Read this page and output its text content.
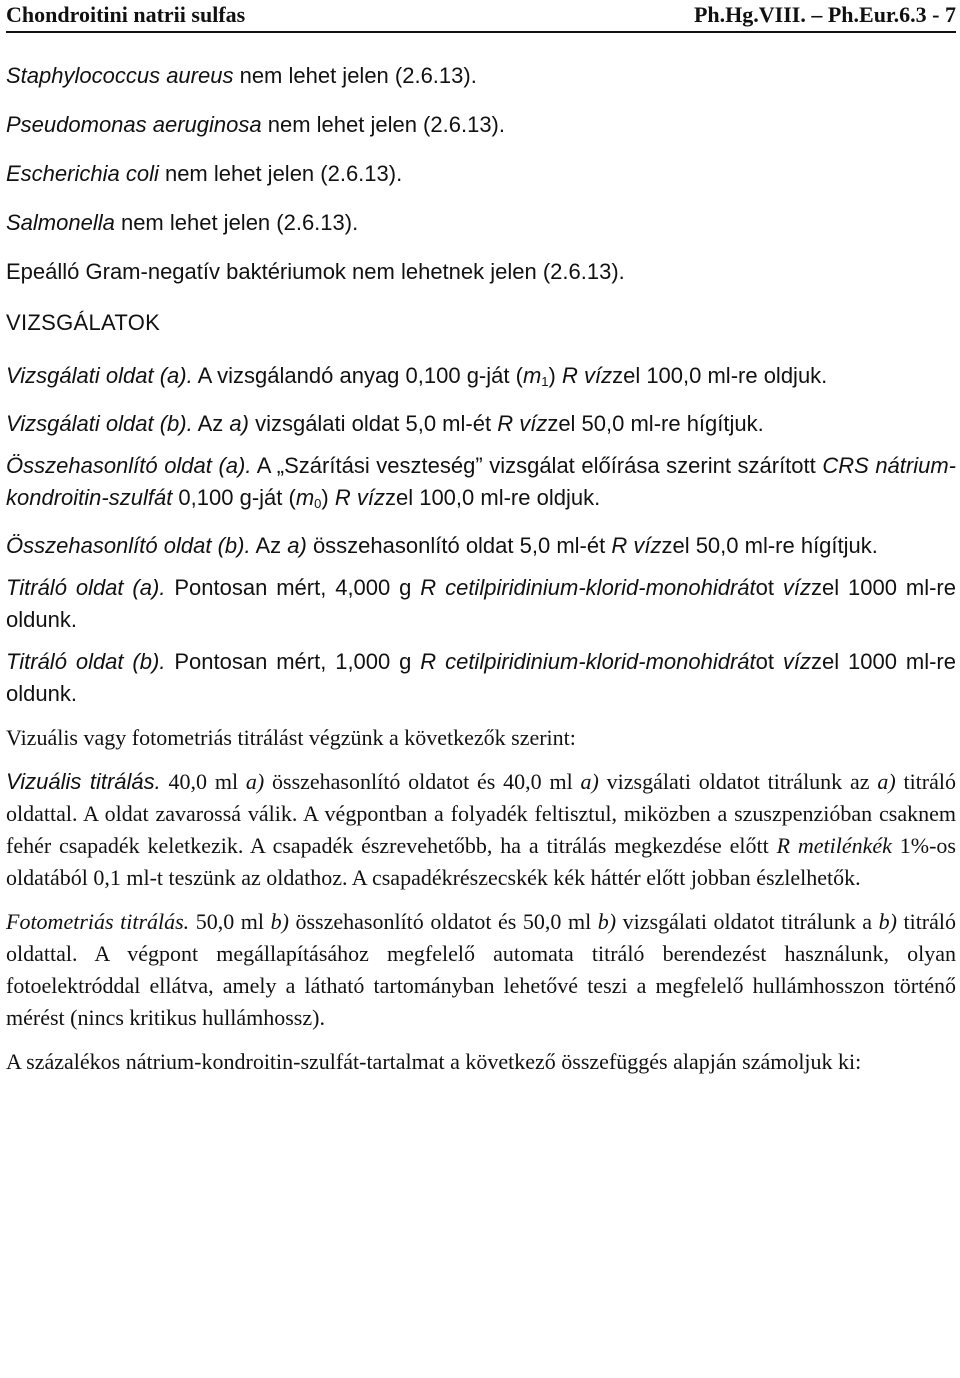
Chondroitini natrii sulfas	Ph.Hg.VIII. – Ph.Eur.6.3 - 7

Staphylococcus aureus nem lehet jelen (2.6.13).

Pseudomonas aeruginosa nem lehet jelen (2.6.13).

Escherichia coli nem lehet jelen (2.6.13).

Salmonella nem lehet jelen (2.6.13).

Epeálló Gram-negatív baktériumok nem lehetnek jelen (2.6.13).

VIZSGÁLATOK

Vizsgálati oldat (a). A vizsgálandó anyag 0,100 g-ját $(m_1)$ R vízzel 100,0 ml-re oldjuk.

Vizsgálati oldat (b). Az a) vizsgálati oldat 5,0 ml-ét R vízzel 50,0 ml-re hígítjuk.

Összehasonlító oldat (a). A „Szárítási veszteség” vizsgálat előírása szerint szárított CRS nátrium-kondroitin-szulfát 0,100 g-ját $(m_0)$ R vízzel 100,0 ml-re oldjuk.

Összehasonlító oldat (b). Az a) összehasonlító oldat 5,0 ml-ét R vízzel 50,0 ml-re hígítjuk.

Titráló oldat (a). Pontosan mért, 4,000 g R cetilpiridinium-klorid-monohidrátot vízzel 1000 ml-re oldunk.

Titráló oldat (b). Pontosan mért, 1,000 g R cetilpiridinium-klorid-monohidrátot vízzel 1000 ml-re oldunk.

Vizuális vagy fotometriás titrálást végzünk a következők szerint:

Vizuális titrálás. 40,0 ml a) összehasonlító oldatot és 40,0 ml a) vizsgálati oldatot titrálunk az a) titráló oldattal. A oldat zavarossá válik. A végpontban a folyadék feltisztul, miközben a szuszpenzióban csaknem fehér csapadék keletkezik. A csapadék észrevehetőbb, ha a titrálás megkezdése előtt R metilénkék 1%-os oldatából 0,1 ml-t teszünk az oldathoz. A csapadékrészecskék kék háttér előtt jobban észlelhetők.

Fotometriás titrálás. 50,0 ml b) összehasonlító oldatot és 50,0 ml b) vizsgálati oldatot titrálunk a b) titráló oldattal. A végpont megállapításához megfelelő automata titráló berendezést használunk, olyan fotoelektróddal ellátva, amely a látható tartományban lehetővé teszi a megfelelő hullámhosszon történő mérést (nincs kritikus hullámhossz).

A százalékos nátrium-kondroitin-szulfát-tartalmat a következő összefüggés alapján számoljuk ki:
